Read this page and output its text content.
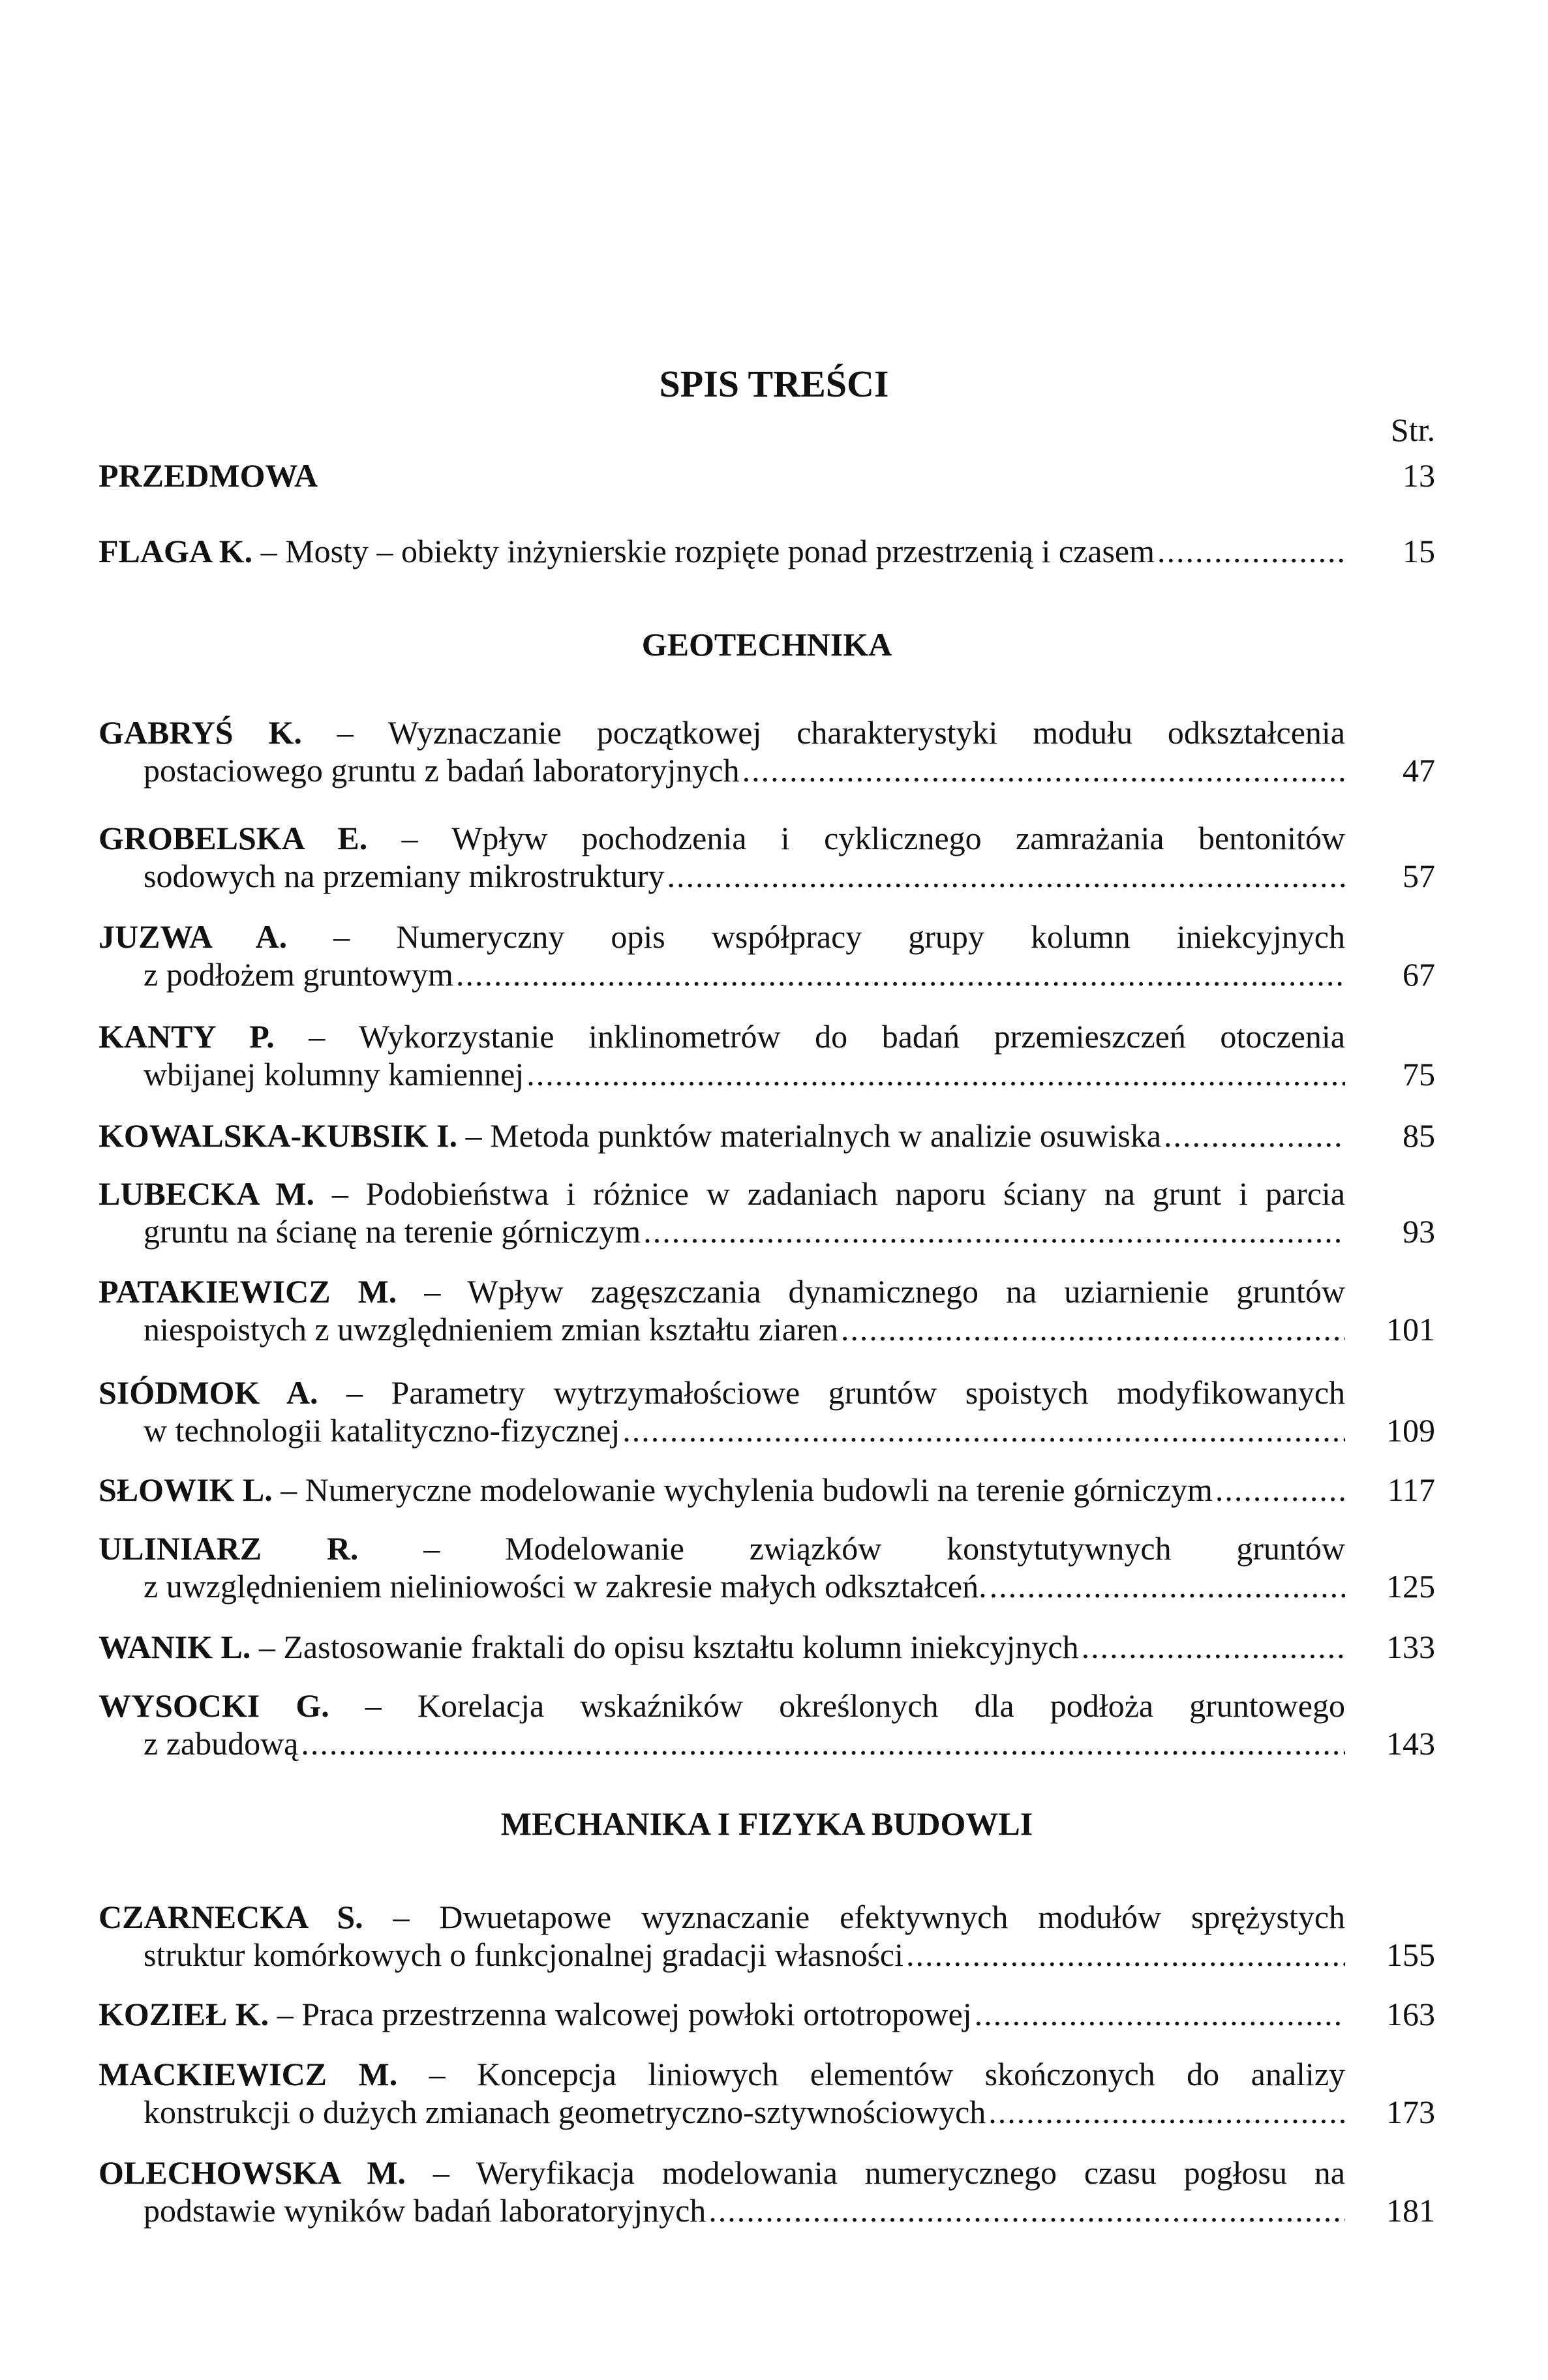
SPIS TREŚCI
Str.
PRZEDMOWA	13
FLAGA K.
–
Mosty – obiekty inżynierskie rozpięte ponad przestrzenią i czasem .....	15
GEOTECHNIKA
GABRYŚ K. – Wyznaczanie początkowej charakterystyki modułu odkształcenia
postaciowego gruntu z badań laboratoryjnych .....	47
GROBELSKA E. – Wpływ pochodzenia i cyklicznego zamrażania bentonitów
sodowych na przemiany mikrostruktury .....	57
JUZWA A. – Numeryczny opis współpracy grupy kolumn iniekcyjnych
z podłożem gruntowym .....	67
KANTY P. – Wykorzystanie inklinometrów do badań przemieszczeń otoczenia
wbijanej kolumny kamiennej .....	75
KOWALSKA-KUBSIK I.
–
Metoda punktów materialnych w analizie osuwiska .....	85
LUBECKA M. – Podobieństwa i różnice w zadaniach naporu ściany na grunt i parcia
gruntu na ścianę na terenie górniczym .....	93
PATAKIEWICZ M. – Wpływ zagęszczania dynamicznego na uziarnienie gruntów
niespoistych z uwzględnieniem zmian kształtu ziaren .....	101
SIÓDMOK A. – Parametry wytrzymałościowe gruntów spoistych modyfikowanych
w technologii katalityczno-fizycznej .....	109
SŁOWIK L.
–
Numeryczne modelowanie wychylenia budowli na terenie górniczym .....	117
ULINIARZ R. – Modelowanie związków konstytutywnych gruntów
z uwzględnieniem nieliniowości w zakresie małych odkształceń. .....	125
WANIK L.
–
Zastosowanie fraktali do opisu kształtu kolumn iniekcyjnych .....	133
WYSOCKI G. – Korelacja wskaźników określonych dla podłoża gruntowego
z zabudową .....	143
MECHANIKA I FIZYKA BUDOWLI
CZARNECKA S. – Dwuetapowe wyznaczanie efektywnych modułów sprężystych
struktur komórkowych o funkcjonalnej gradacji własności .....	155
KOZIEŁ K.
–
Praca przestrzenna walcowej powłoki ortotropowej .....	163
MACKIEWICZ M. – Koncepcja liniowych elementów skończonych do analizy
konstrukcji o dużych zmianach geometryczno-sztywnościowych .....	173
OLECHOWSKA M. – Weryfikacja modelowania numerycznego czasu pogłosu na
podstawie wyników badań laboratoryjnych .....	181
